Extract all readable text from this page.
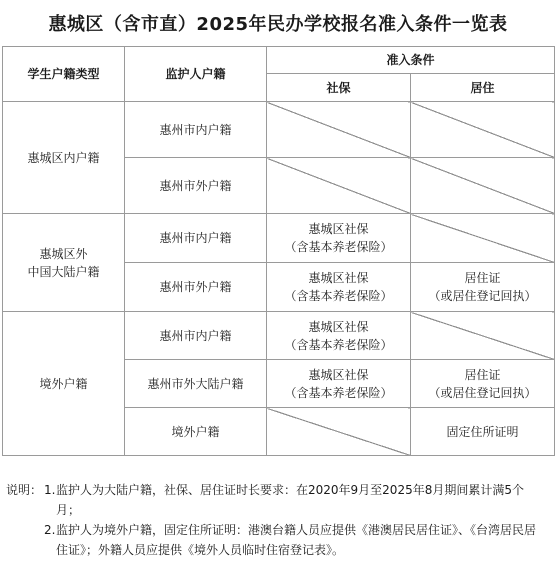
惠城区（含市直）2025年民办学校报名准入条件一览表
学生户籍类型	监护人户籍	准入条件	
		社保	居住
惠城区内户籍	惠州市内户籍		
	惠州市外户籍		
惠城区外
中国大陆户籍	惠州市内户籍	惠城区社保
（含基本养老保险）	
	惠州市外户籍	惠城区社保
（含基本养老保险）	居住证
（或居住登记回执）
境外户籍	惠州市内户籍	惠城区社保
（含基本养老保险）	
	惠州市外大陆户籍	惠城区社保
（含基本养老保险）	居住证
（或居住登记回执）
	境外户籍		固定住所证明
说明： 1. 监护人为大陆户籍，社保、居住证时长要求：在2020年9月至2025年8月期间累计满5个月；
2. 监护人为境外户籍，固定住所证明：港澳台籍人员应提供《港澳居民居住证》、《台湾居民居住证》；外籍人员应提供《境外人员临时住宿登记表》。
